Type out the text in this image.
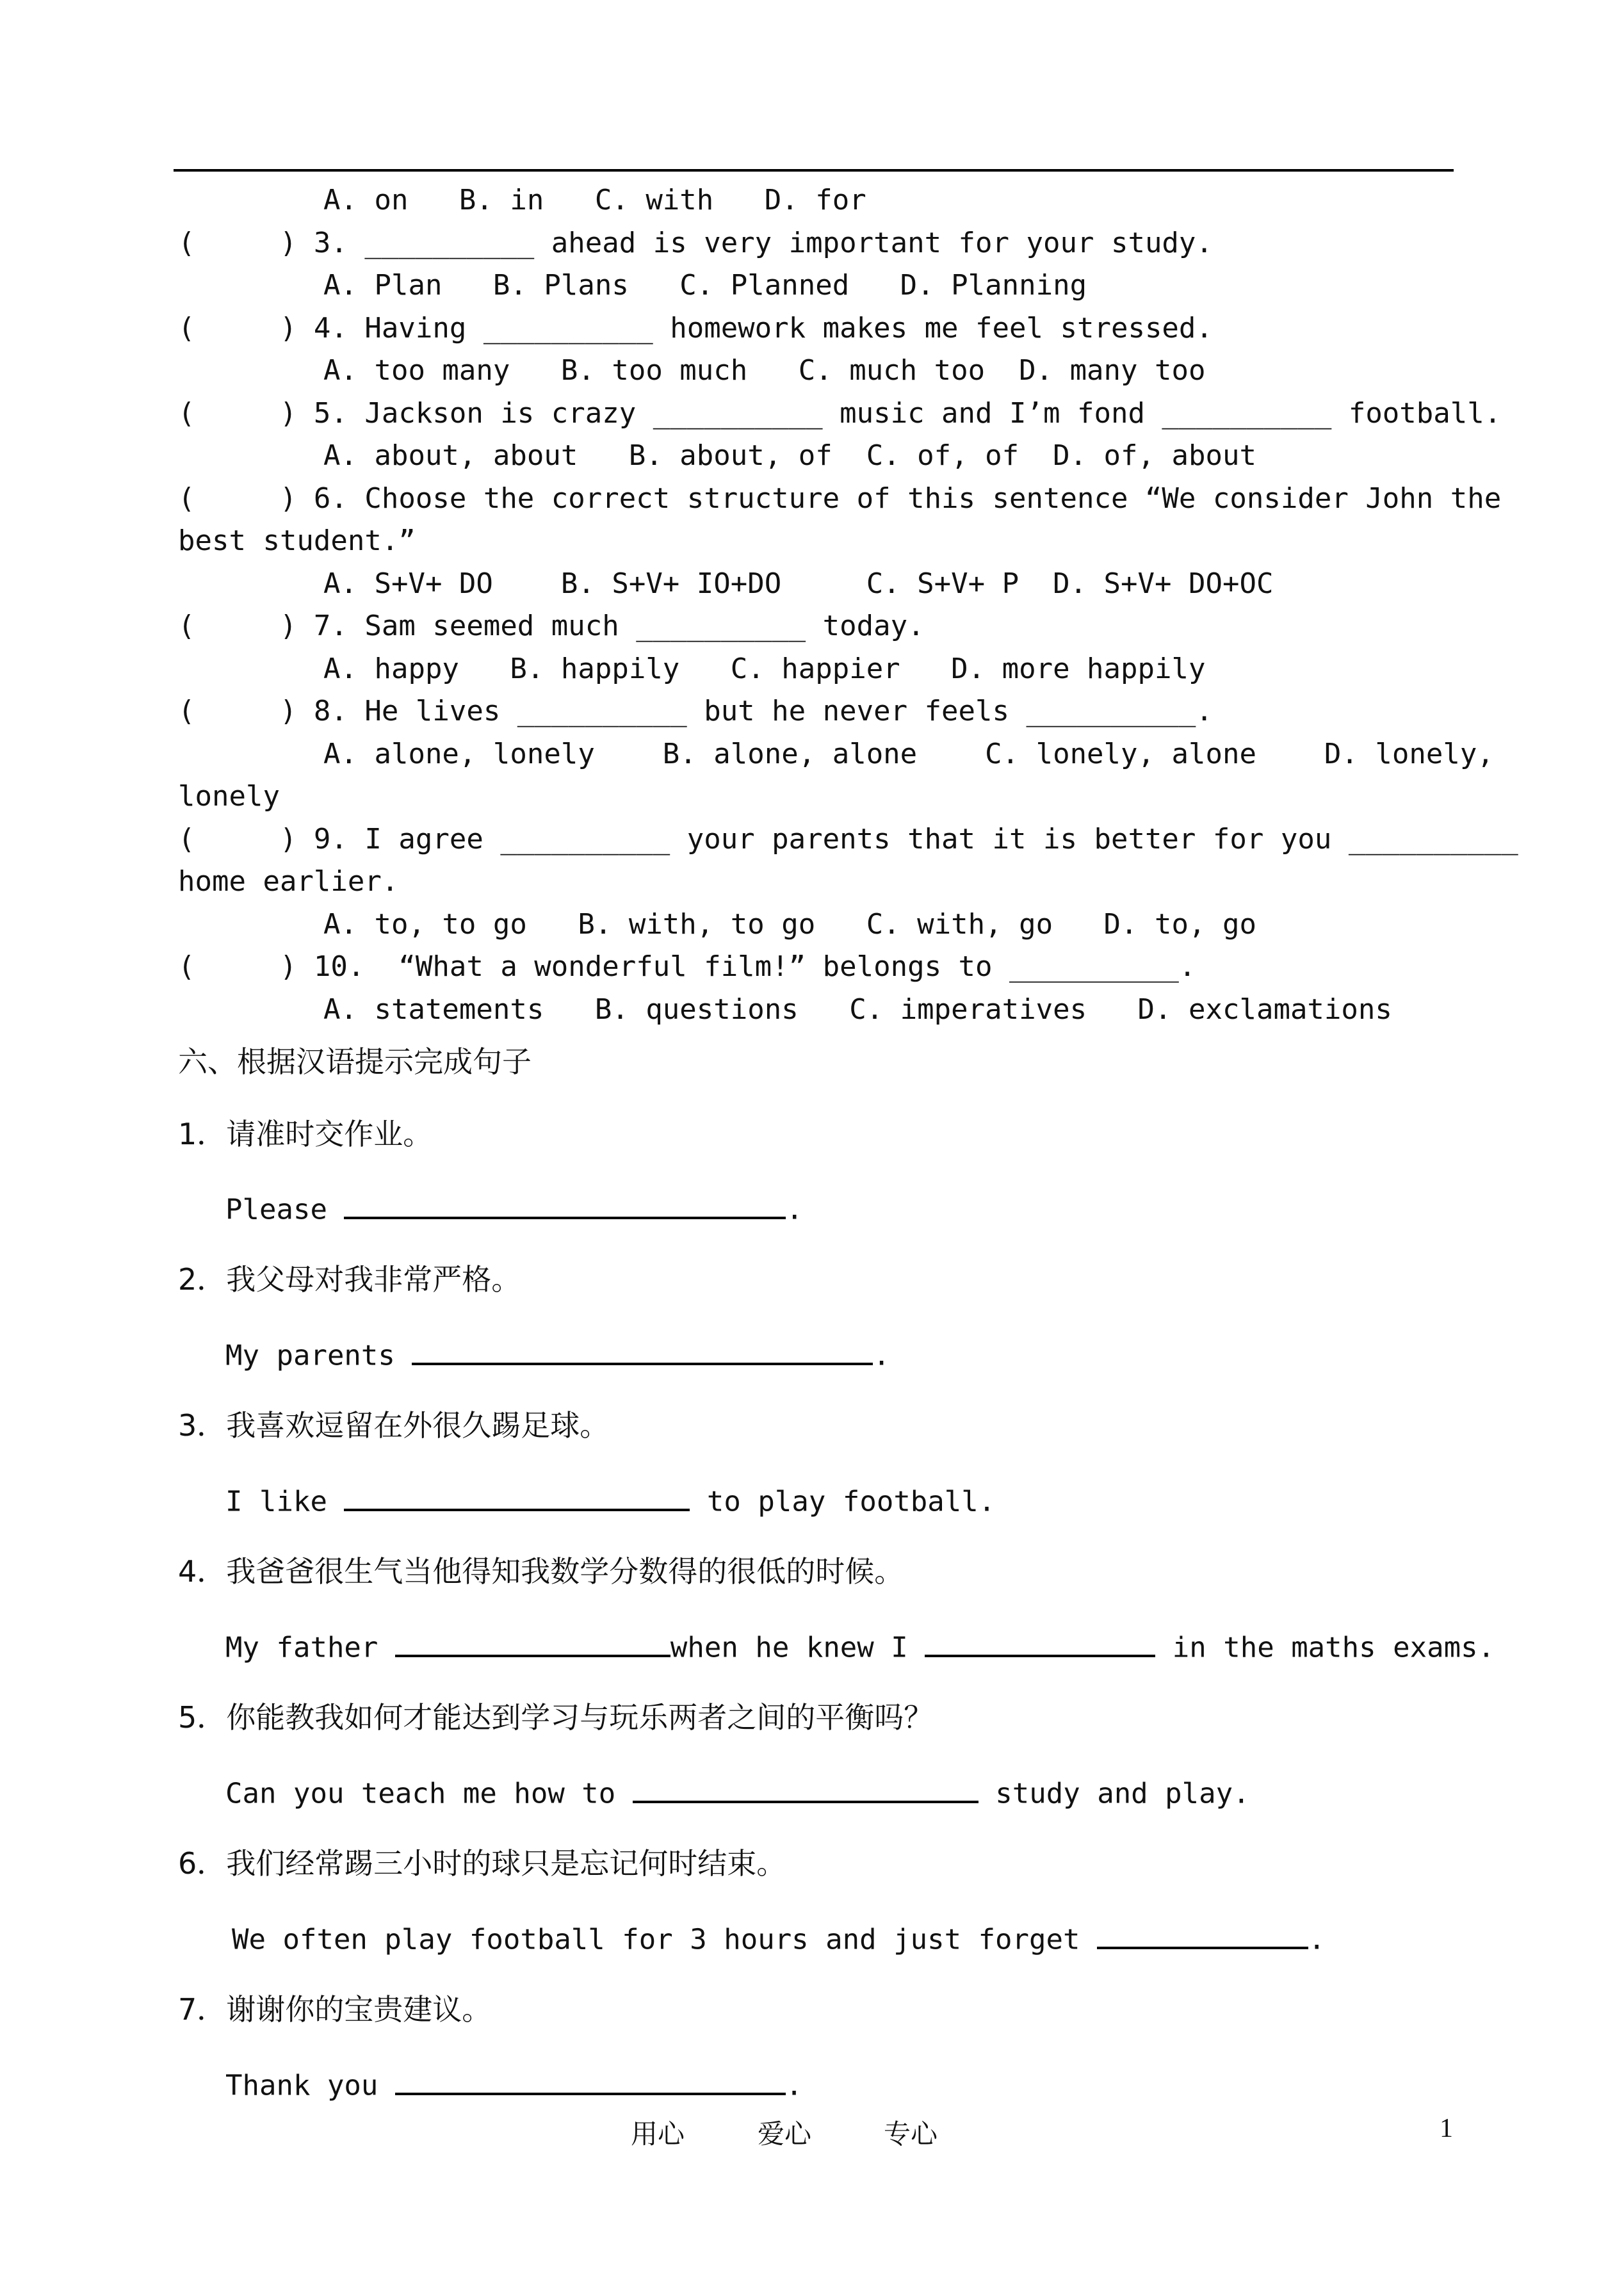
A. on   B. in   C. with   D. for
(     ) 3. __________ ahead is very important for your study.
A. Plan   B. Plans   C. Planned   D. Planning
(     ) 4. Having __________ homework makes me feel stressed.
A. too many   B. too much   C. much too  D. many too
(     ) 5. Jackson is crazy __________ music and I’m fond __________ football.
A. about, about   B. about, of  C. of, of  D. of, about
(     ) 6. Choose the correct structure of this sentence “We consider John the
best student.”
A. S+V+ DO    B. S+V+ IO+DO     C. S+V+ P  D. S+V+ DO+OC
(     ) 7. Sam seemed much __________ today.
A. happy   B. happily   C. happier   D. more happily
(     ) 8. He lives __________ but he never feels __________.
A. alone, lonely    B. alone, alone    C. lonely, alone    D. lonely,
lonely
(     ) 9. I agree __________ your parents that it is better for you __________
home earlier.
A. to, to go   B. with, to go   C. with, go   D. to, go
(     ) 10.  “What a wonderful film!” belongs to __________.
A. statements   B. questions   C. imperatives   D. exclamations
六、根据汉语提示完成句子
1．请准时交作业。
Please	.
2．我父母对我非常严格。
My parents	.
3．我喜欢逗留在外很久踢足球。
I like	to play football.
4．我爸爸很生气当他得知我数学分数得的很低的时候。
My father	when he knew I	in the maths exams.
5．你能教我如何才能达到学习与玩乐两者之间的平衡吗？
Can you teach me how to	study and play.
6．我们经常踢三小时的球只是忘记何时结束。
We often play football for 3 hours and just forget	.
7．谢谢你的宝贵建议。
Thank you	.
用心	爱心	专心	1
